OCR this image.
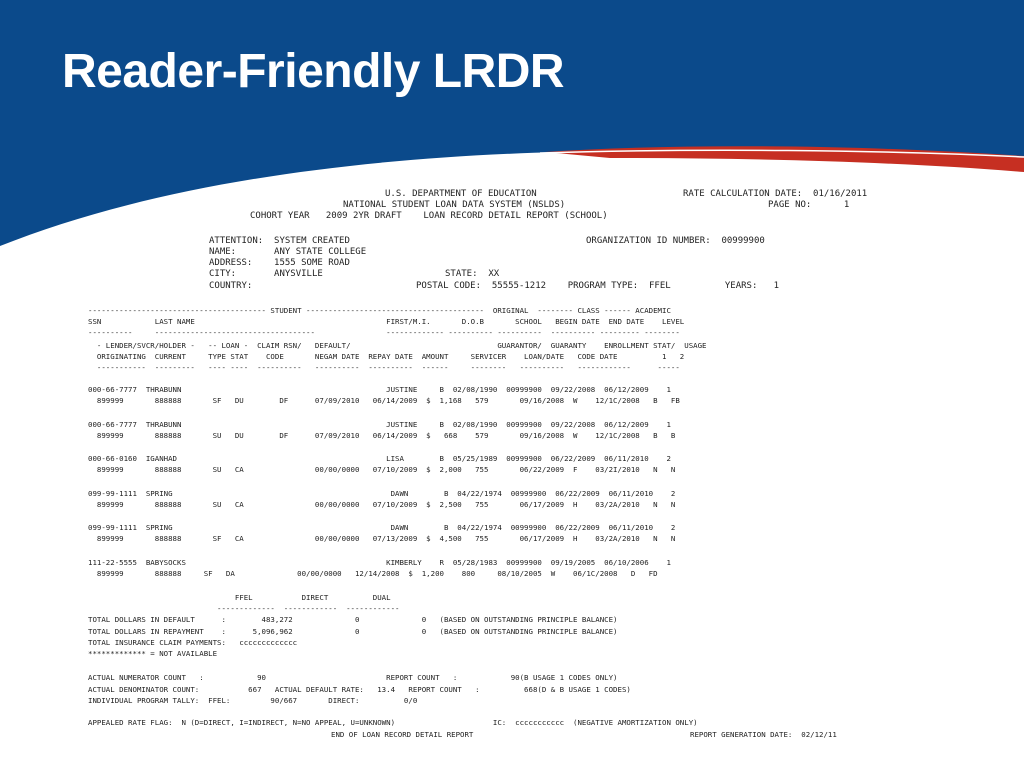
Reader-Friendly LRDR
U.S. DEPARTMENT OF EDUCATION	RATE CALCULATION DATE:  01/16/2011
NATIONAL STUDENT LOAN DATA SYSTEM (NSLDS)	PAGE NO:      1
COHORT YEAR   2009 2YR DRAFT    LOAN RECORD DETAIL REPORT (SCHOOL)
ATTENTION:  SYSTEM CREATED	ORGANIZATION ID NUMBER:  00999900
NAME:       ANY STATE COLLEGE
ADDRESS:    1555 SOME ROAD
CITY:       ANYSVILLE	STATE:  XX
COUNTRY:	POSTAL CODE:  55555-1212    PROGRAM TYPE:  FFEL          YEARS:   1
---------------------------------------- STUDENT ----------------------------------------  ORIGINAL  -------- CLASS ------ ACADEMIC
SSN            LAST NAME                                           FIRST/M.I.       D.O.B       SCHOOL   BEGIN DATE  END DATE    LEVEL
----------     ------------------------------------                ------------- ---------- ----------  ---------- --------- --------
- LENDER/SVCR/HOLDER -   -- LOAN -  CLAIM RSN/   DEFAULT/                                 GUARANTOR/  GUARANTY    ENROLLMENT STAT/  USAGE
ORIGINATING  CURRENT     TYPE STAT    CODE       NEGAM DATE  REPAY DATE  AMOUNT     SERVICER    LOAN/DATE   CODE DATE          1   2
-----------  ---------   ---- ----  ----------   ----------  ----------  ------     --------   ----------   ------------      -----
000-66-7777  THRABUNN                                              JUSTINE     B  02/08/1990  00999900  09/22/2008  06/12/2009    1
899999       888888       SF   DU        DF      07/09/2010   06/14/2009  $  1,168   579       09/16/2008  W    12/1C/2008   B   FB
000-66-7777  THRABUNN                                              JUSTINE     B  02/08/1990  00999900  09/22/2008  06/12/2009    1
899999       888888       SU   DU        DF      07/09/2010   06/14/2009  $   668    579       09/16/2008  W    12/1C/2008   B   B
000-66-0160  IGANHAD                                               LISA        B  05/25/1989  00999900  06/22/2009  06/11/2010    2
899999       888888       SU   CA                00/00/0000   07/10/2009  $  2,000   755       06/22/2009  F    03/2I/2010   N   N
099-99-1111  SPRING                                                 DAWN        B  04/22/1974  00999900  06/22/2009  06/11/2010    2
899999       888888       SU   CA                00/00/0000   07/10/2009  $  2,500   755       06/17/2009  H    03/2A/2010   N   N
099-99-1111  SPRING                                                 DAWN        B  04/22/1974  00999900  06/22/2009  06/11/2010    2
899999       888888       SF   CA                00/00/0000   07/13/2009  $  4,500   755       06/17/2009  H    03/2A/2010   N   N
111-22-5555  BABYSOCKS                                             KIMBERLY    R  05/28/1983  00999900  09/19/2005  06/10/2006    1
899999       888888     SF   DA              00/00/0000   12/14/2008  $  1,200    800     08/10/2005  W    06/1C/2008   D   FD
FFEL           DIRECT          DUAL
-------------  ------------  ------------
TOTAL DOLLARS IN DEFAULT      :        483,272              0              0   (BASED ON OUTSTANDING PRINCIPLE BALANCE)
TOTAL DOLLARS IN REPAYMENT    :      5,096,962              0              0   (BASED ON OUTSTANDING PRINCIPLE BALANCE)
TOTAL INSURANCE CLAIM PAYMENTS:   ccccccccccccc
************* = NOT AVAILABLE
ACTUAL NUMERATOR COUNT   :            90                           REPORT COUNT   :            90(B USAGE 1 CODES ONLY)
ACTUAL DENOMINATOR COUNT:           667   ACTUAL DEFAULT RATE:   13.4   REPORT COUNT   :          668(D & B USAGE 1 CODES)
INDIVIDUAL PROGRAM TALLY:  FFEL:         90/667       DIRECT:          0/0
APPEALED RATE FLAG:  N (D=DIRECT, I=INDIRECT, N=NO APPEAL, U=UNKNOWN)                      IC:  ccccccccccc  (NEGATIVE AMORTIZATION ONLY)
END OF LOAN RECORD DETAIL REPORT	REPORT GENERATION DATE:  02/12/11
